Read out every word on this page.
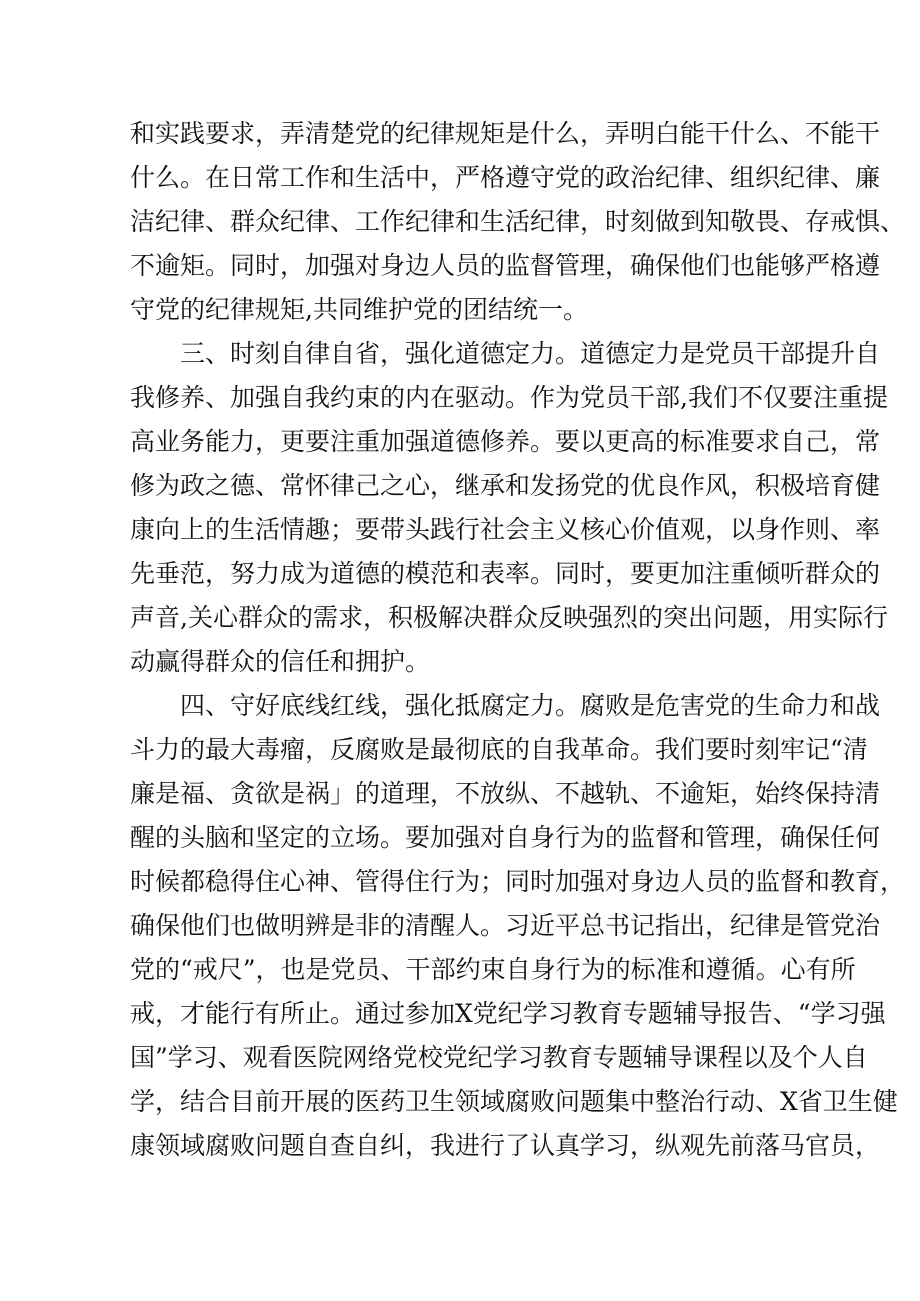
和实践要求，弄清楚党的纪律规矩是什么，弄明白能干什么、不能干
什么。在日常工作和生活中，严格遵守党的政治纪律、组织纪律、廉
洁纪律、群众纪律、工作纪律和生活纪律，时刻做到知敬畏、存戒惧、
不逾矩。同时，加强对身边人员的监督管理，确保他们也能够严格遵
守党的纪律规矩,共同维护党的团结统一。
三、时刻自律自省，强化道德定力。道德定力是党员干部提升自
我修养、加强自我约束的内在驱动。作为党员干部,我们不仅要注重提
高业务能力，更要注重加强道德修养。要以更高的标准要求自己，常
修为政之德、常怀律己之心，继承和发扬党的优良作风，积极培育健
康向上的生活情趣；要带头践行社会主义核心价值观，以身作则、率
先垂范，努力成为道德的模范和表率。同时，要更加注重倾听群众的
声音,关心群众的需求，积极解决群众反映强烈的突出问题，用实际行
动赢得群众的信任和拥护。
四、守好底线红线，强化抵腐定力。腐败是危害党的生命力和战
斗力的最大毒瘤，反腐败是最彻底的自我革命。我们要时刻牢记“清
廉是福、贪欲是祸」的道理，不放纵、不越轨、不逾矩，始终保持清
醒的头脑和坚定的立场。要加强对自身行为的监督和管理，确保任何
时候都稳得住心神、管得住行为；同时加强对身边人员的监督和教育，
确保他们也做明辨是非的清醒人。习近平总书记指出，纪律是管党治
党的“戒尺”，也是党员、干部约束自身行为的标准和遵循。心有所
戒，才能行有所止。通过参加X党纪学习教育专题辅导报告、“学习强
国”学习、观看医院网络党校党纪学习教育专题辅导课程以及个人自
学，结合目前开展的医药卫生领域腐败问题集中整治行动、X省卫生健
康领域腐败问题自查自纠，我进行了认真学习，纵观先前落马官员，
